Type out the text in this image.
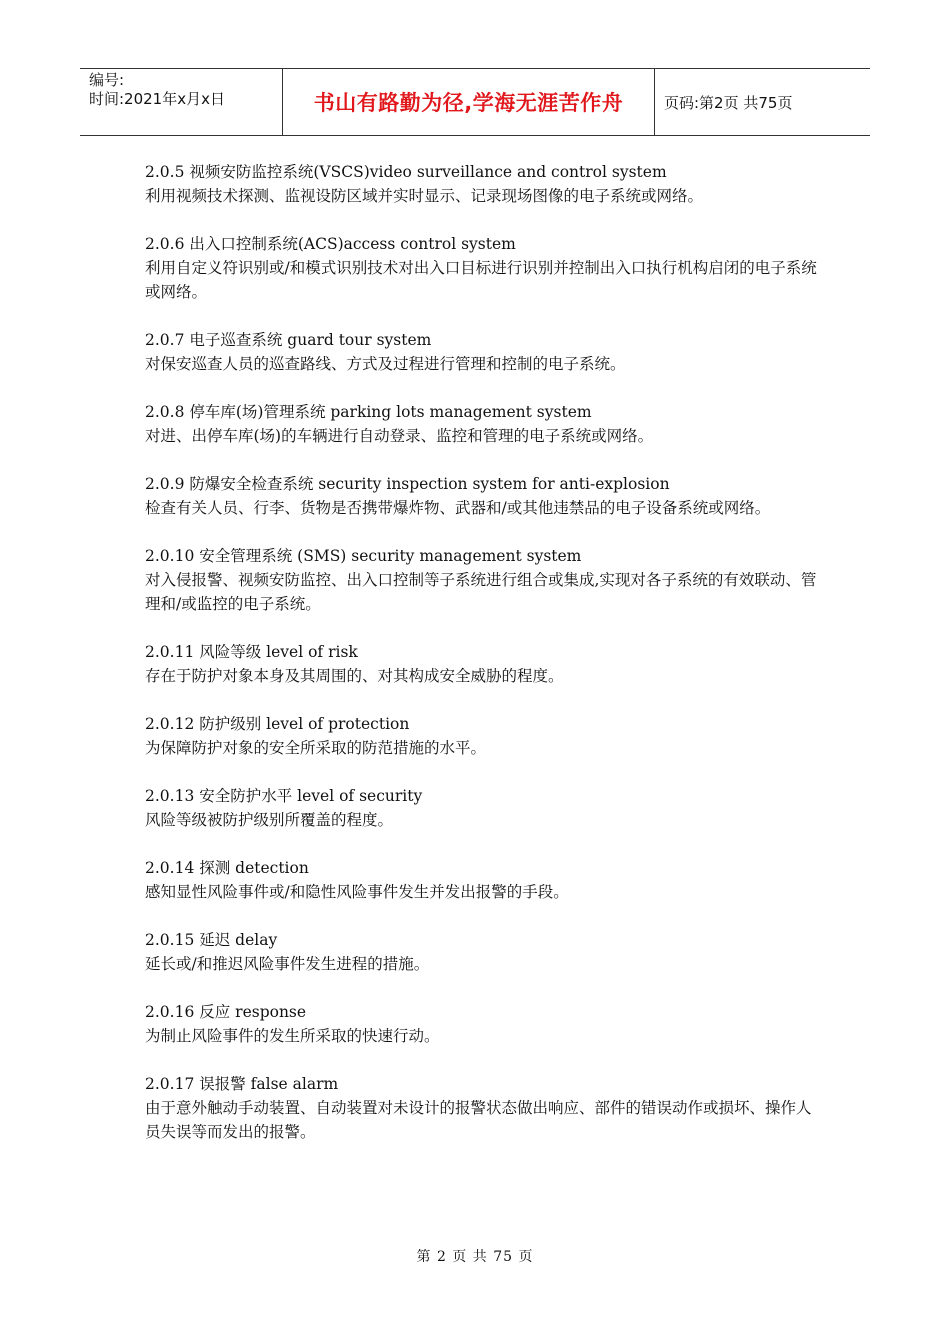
编号:
时间:2021年x月x日	书山有路勤为径,学海无涯苦作舟	页码:第2页 共75页
2.0.5 视频安防监控系统(VSCS)video surveillance and control system
利用视频技术探测、监视设防区域并实时显示、记录现场图像的电子系统或网络。
2.0.6 出入口控制系统(ACS)access control system
利用自定义符识别或/和模式识别技术对出入口目标进行识别并控制出入口执行机构启闭的电子系统或网络。
2.0.7 电子巡查系统 guard tour system
对保安巡查人员的巡查路线、方式及过程进行管理和控制的电子系统。
2.0.8 停车库(场)管理系统 parking lots management system
对进、出停车库(场)的车辆进行自动登录、监控和管理的电子系统或网络。
2.0.9 防爆安全检查系统 security inspection system for anti-explosion
检查有关人员、行李、货物是否携带爆炸物、武器和/或其他违禁品的电子设备系统或网络。
2.0.10 安全管理系统 (SMS) security management system
对入侵报警、视频安防监控、出入口控制等子系统进行组合或集成,实现对各子系统的有效联动、管理和/或监控的电子系统。
2.0.11 风险等级 level of risk
存在于防护对象本身及其周围的、对其构成安全威胁的程度。
2.0.12 防护级别 level of protection
为保障防护对象的安全所采取的防范措施的水平。
2.0.13 安全防护水平 level of security
风险等级被防护级别所覆盖的程度。
2.0.14 探测 detection
感知显性风险事件或/和隐性风险事件发生并发出报警的手段。
2.0.15 延迟 delay
延长或/和推迟风险事件发生进程的措施。
2.0.16 反应 response
为制止风险事件的发生所采取的快速行动。
2.0.17 误报警 false alarm
由于意外触动手动装置、自动装置对未设计的报警状态做出响应、部件的错误动作或损坏、操作人员失误等而发出的报警。
第 2 页 共 75 页
